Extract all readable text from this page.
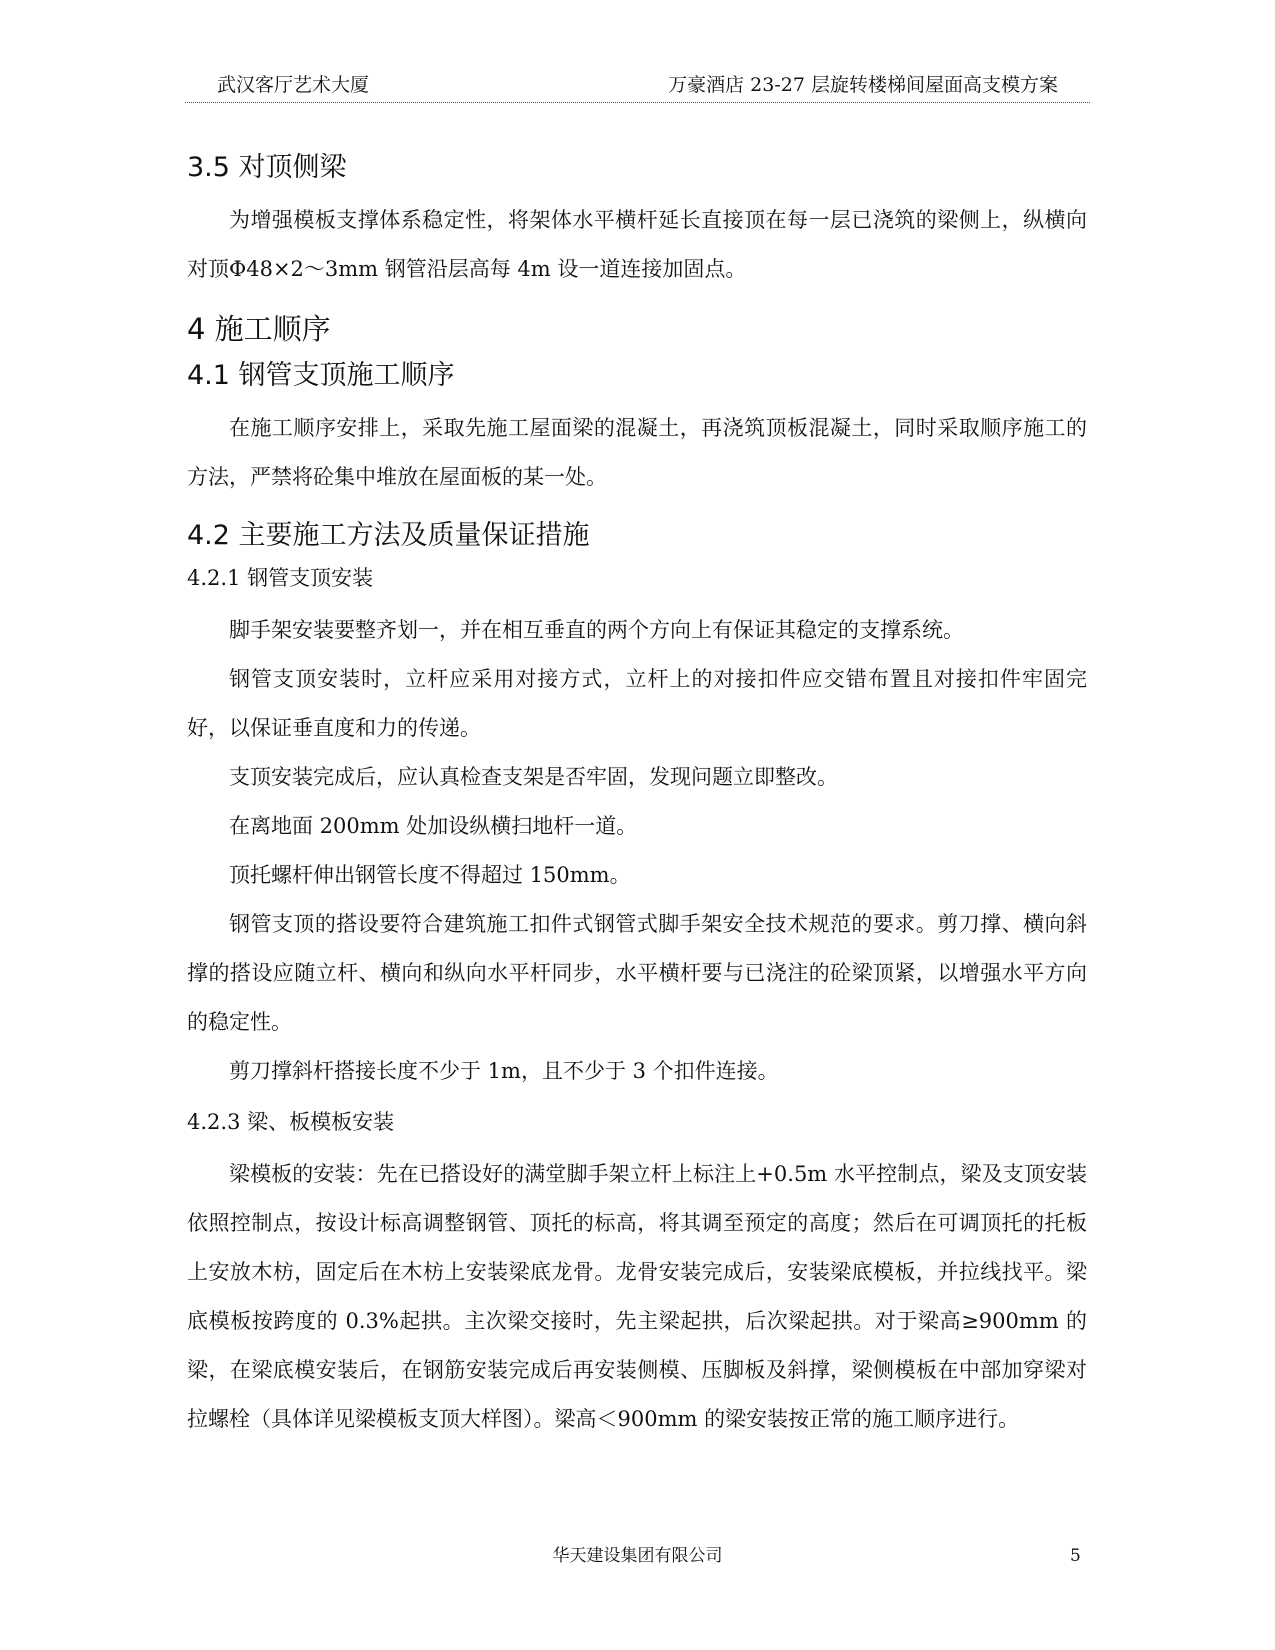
武汉客厅艺术大厦	万豪酒店 23-27 层旋转楼梯间屋面高支模方案
3.5 对顶侧梁

为增强模板支撑体系稳定性，将架体水平横杆延长直接顶在每一层已浇筑的梁侧上，纵横向对顶Φ48×2～3mm 钢管沿层高每 4m 设一道连接加固点。

4 施工顺序
4.1 钢管支顶施工顺序

在施工顺序安排上，采取先施工屋面梁的混凝土，再浇筑顶板混凝土，同时采取顺序施工的方法，严禁将砼集中堆放在屋面板的某一处。

4.2 主要施工方法及质量保证措施
4.2.1 钢管支顶安装

脚手架安装要整齐划一，并在相互垂直的两个方向上有保证其稳定的支撑系统。

钢管支顶安装时，立杆应采用对接方式，立杆上的对接扣件应交错布置且对接扣件牢固完好，以保证垂直度和力的传递。

支顶安装完成后，应认真检查支架是否牢固，发现问题立即整改。

在离地面 200mm 处加设纵横扫地杆一道。

顶托螺杆伸出钢管长度不得超过 150mm。

钢管支顶的搭设要符合建筑施工扣件式钢管式脚手架安全技术规范的要求。剪刀撑、横向斜撑的搭设应随立杆、横向和纵向水平杆同步，水平横杆要与已浇注的砼梁顶紧，以增强水平方向的稳定性。

剪刀撑斜杆搭接长度不少于 1m，且不少于 3 个扣件连接。

4.2.3 梁、板模板安装

梁模板的安装：先在已搭设好的满堂脚手架立杆上标注上+0.5m 水平控制点，梁及支顶安装依照控制点，按设计标高调整钢管、顶托的标高，将其调至预定的高度；然后在可调顶托的托板上安放木枋，固定后在木枋上安装梁底龙骨。龙骨安装完成后，安装梁底模板，并拉线找平。梁底模板按跨度的 0.3%起拱。主次梁交接时，先主梁起拱，后次梁起拱。对于梁高≥900mm 的梁，在梁底模安装后，在钢筋安装完成后再安装侧模、压脚板及斜撑，梁侧模板在中部加穿梁对拉螺栓（具体详见梁模板支顶大样图）。梁高＜900mm 的梁安装按正常的施工顺序进行。

华天建设集团有限公司	5
